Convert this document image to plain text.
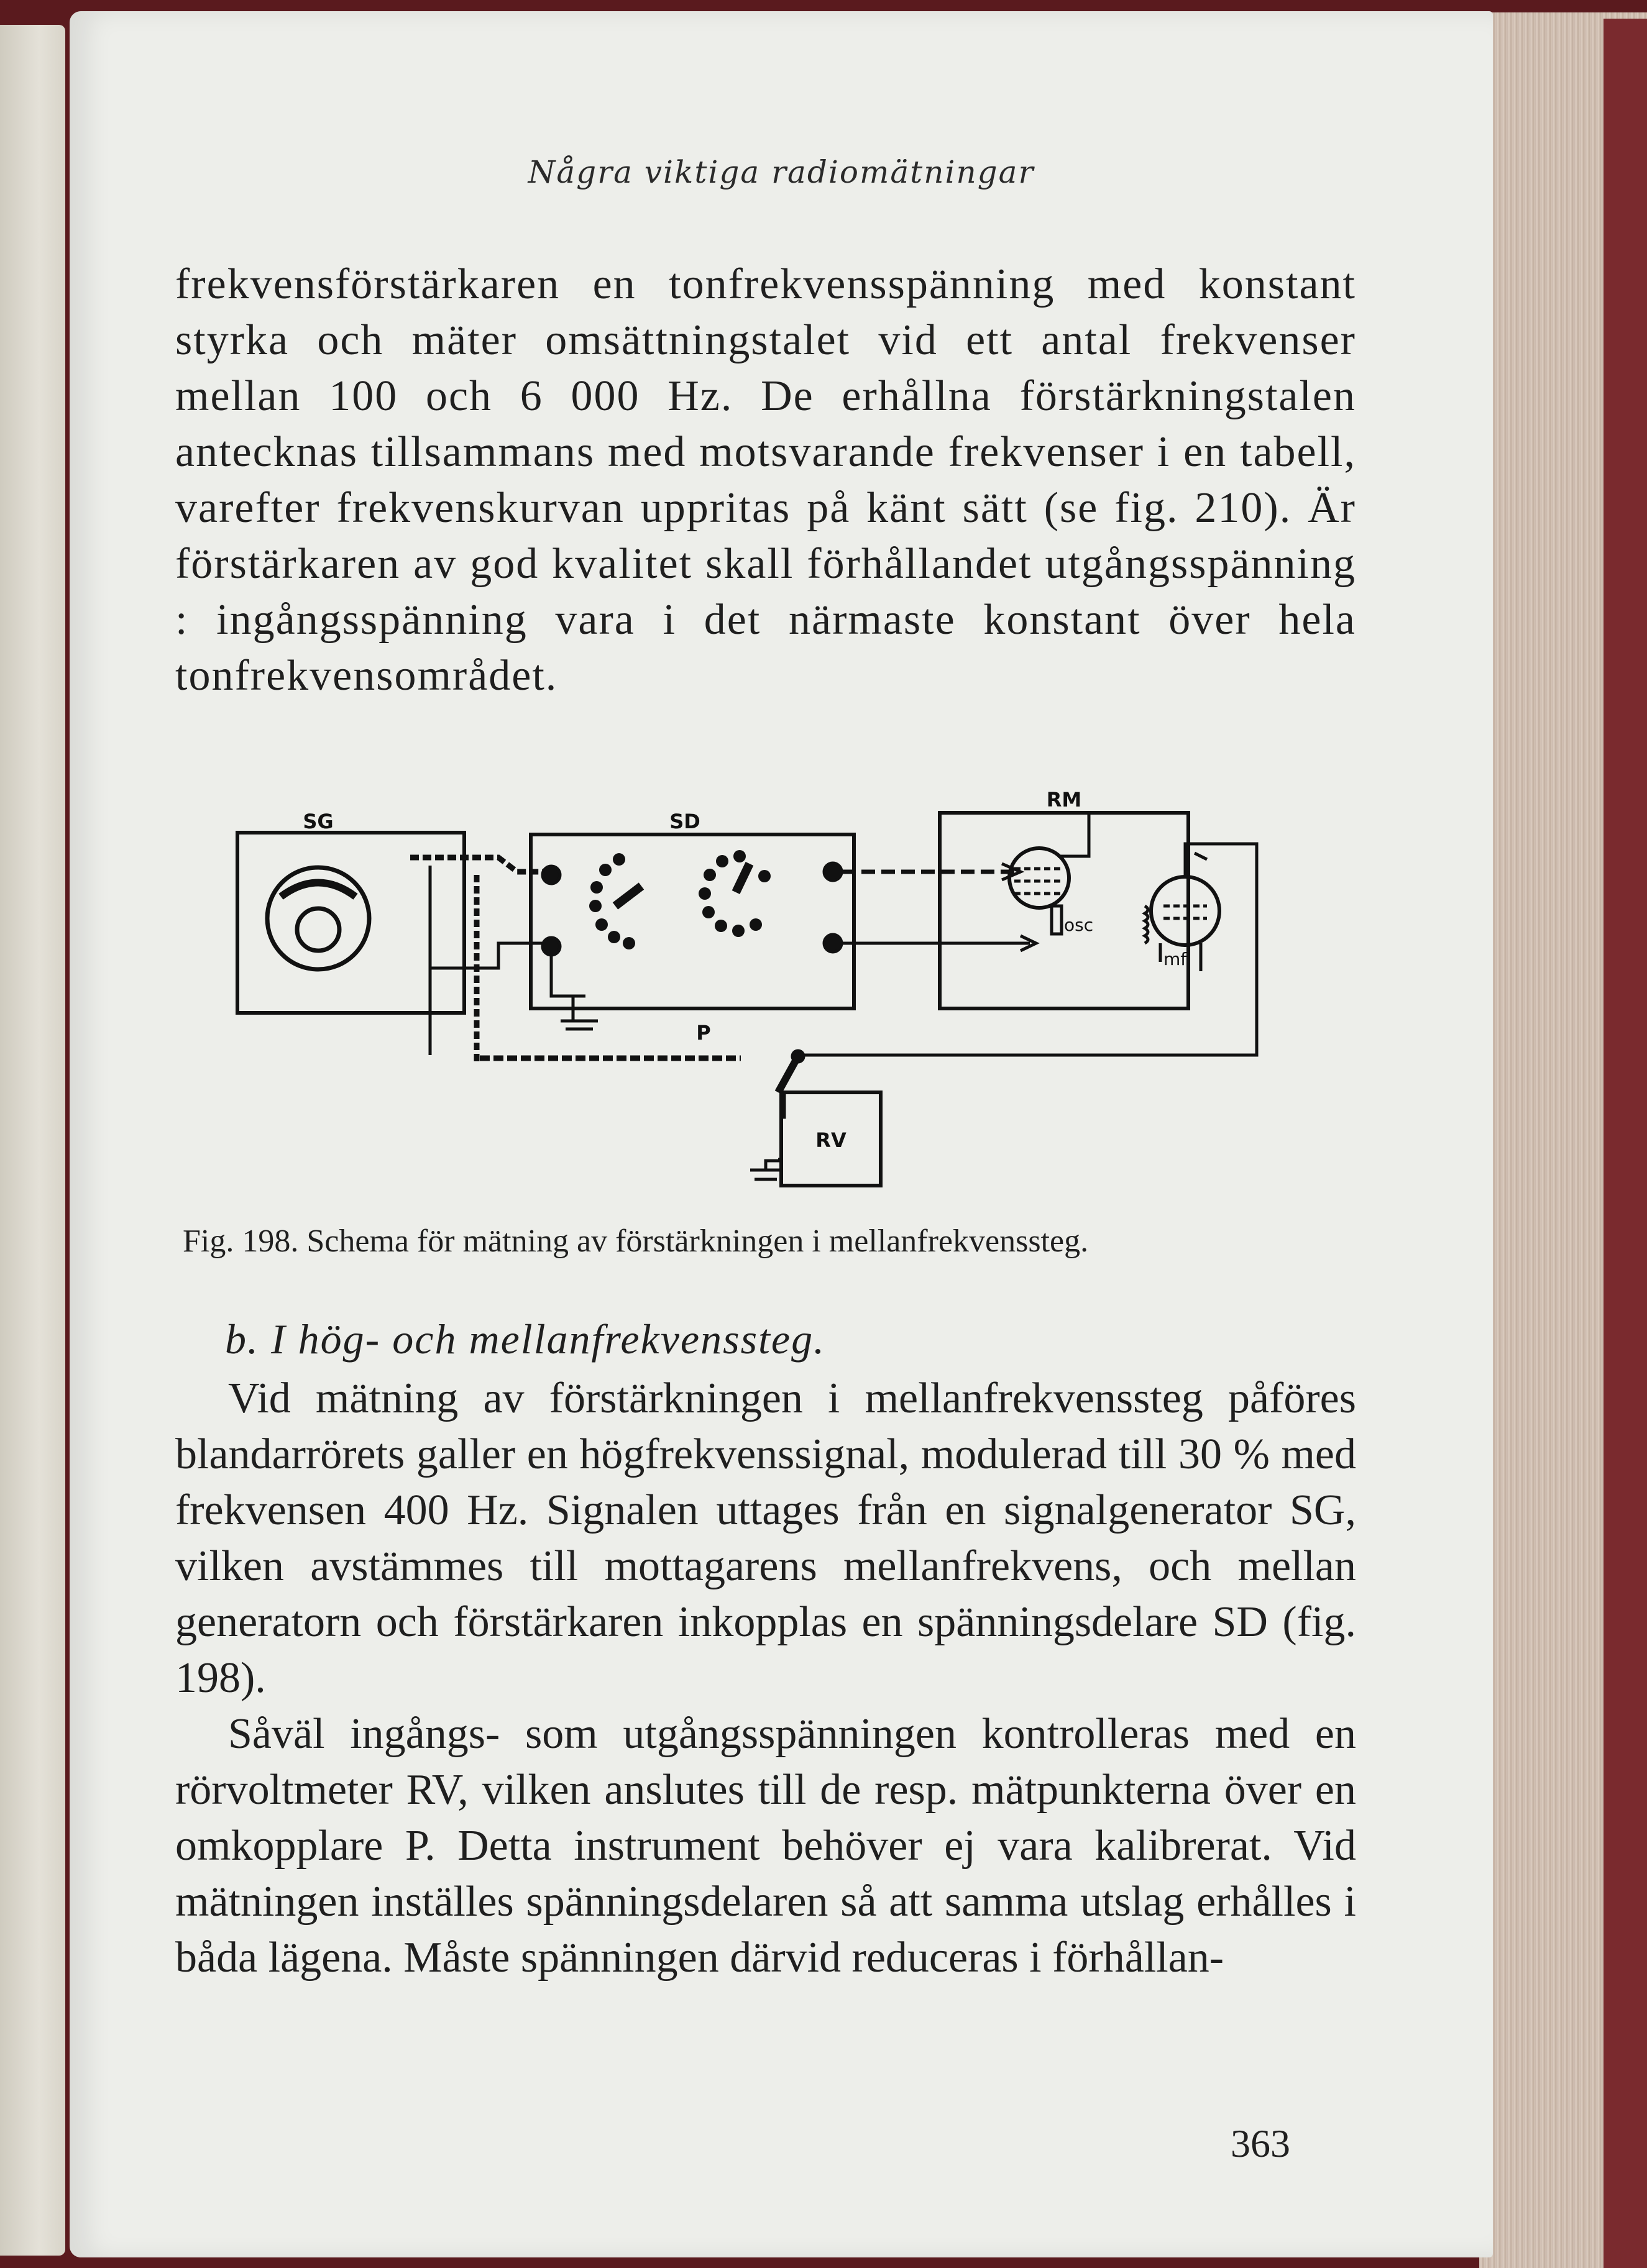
Några viktiga radiomätningar

frekvensförstärkaren en tonfrekvensspänning med konstant styrka och mäter omsättningstalet vid ett antal frekvenser mellan 100 och 6 000 Hz. De erhållna förstärkningstalen antecknas tillsammans med motsvarande frekvenser i en tabell, varefter frekvenskurvan uppritas på känt sätt (se fig. 210). Är förstärkaren av god kvalitet skall förhållandet utgångsspänning : ingångsspänning vara i det närmaste konstant över hela tonfrekvensområdet.

SG	SD
RM
P
RV
osc
mf

Fig. 198. Schema för mätning av förstärkningen i mellanfrekvenssteg.

b. I hög- och mellanfrekvenssteg.

Vid mätning av förstärkningen i mellanfrekvenssteg påföres blandarrörets galler en högfrekvenssignal, modulerad till 30 % med frekvensen 400 Hz. Signalen uttages från en signalgenerator SG, vilken avstämmes till mottagarens mellanfrekvens, och mellan generatorn och förstärkaren inkopplas en spänningsdelare SD (fig. 198).

Såväl ingångs- som utgångsspänningen kontrolleras med en rörvoltmeter RV, vilken anslutes till de resp. mätpunkterna över en omkopplare P. Detta instrument behöver ej vara kalibrerat. Vid mätningen inställes spänningsdelaren så att samma utslag erhålles i båda lägena. Måste spänningen därvid reduceras i förhållan-

363
